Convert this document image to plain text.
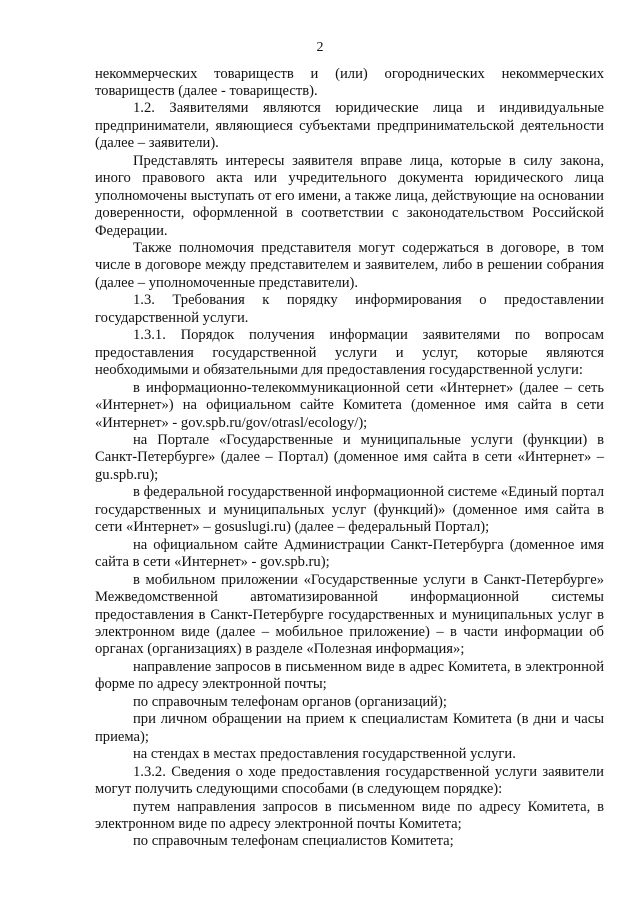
2

некоммерческих товариществ и (или) огороднических некоммерческих товариществ (далее - товариществ).

1.2. Заявителями являются юридические лица и индивидуальные предприниматели, являющиеся субъектами предпринимательской деятельности (далее – заявители).

Представлять интересы заявителя вправе лица, которые в силу закона, иного правового акта или учредительного документа юридического лица уполномочены выступать от его имени, а также лица, действующие на основании доверенности, оформленной в соответствии с законодательством Российской Федерации.

Также полномочия представителя могут содержаться в договоре, в том числе в договоре между представителем и заявителем, либо в решении собрания (далее – уполномоченные представители).

1.3. Требования к порядку информирования о предоставлении государственной услуги.

1.3.1. Порядок получения информации заявителями по вопросам предоставления государственной услуги и услуг, которые являются необходимыми и обязательными для предоставления государственной услуги:

в информационно-телекоммуникационной сети «Интернет» (далее – сеть «Интернет») на официальном сайте Комитета (доменное имя сайта в сети «Интернет» - gov.spb.ru/gov/otrasl/ecology/);

на Портале «Государственные и муниципальные услуги (функции) в Санкт-Петербурге» (далее – Портал) (доменное имя сайта в сети «Интернет» – gu.spb.ru);

в федеральной государственной информационной системе «Единый портал государственных и муниципальных услуг (функций)» (доменное имя сайта в сети «Интернет» – gosuslugi.ru) (далее – федеральный Портал);

на официальном сайте Администрации Санкт-Петербурга (доменное имя сайта в сети «Интернет» - gov.spb.ru);

в мобильном приложении «Государственные услуги в Санкт-Петербурге» Межведомственной автоматизированной информационной системы предоставления в Санкт-Петербурге государственных и муниципальных услуг в электронном виде (далее – мобильное приложение) – в части информации об органах (организациях) в разделе «Полезная информация»;

направление запросов в письменном виде в адрес Комитета, в электронной форме по адресу электронной почты;

по справочным телефонам органов (организаций);

при личном обращении на прием к специалистам Комитета (в дни и часы приема);

на стендах в местах предоставления государственной услуги.

1.3.2. Сведения о ходе предоставления государственной услуги заявители могут получить следующими способами (в следующем порядке):

путем направления запросов в письменном виде по адресу Комитета, в электронном виде по адресу электронной почты Комитета;

по справочным телефонам специалистов Комитета;
